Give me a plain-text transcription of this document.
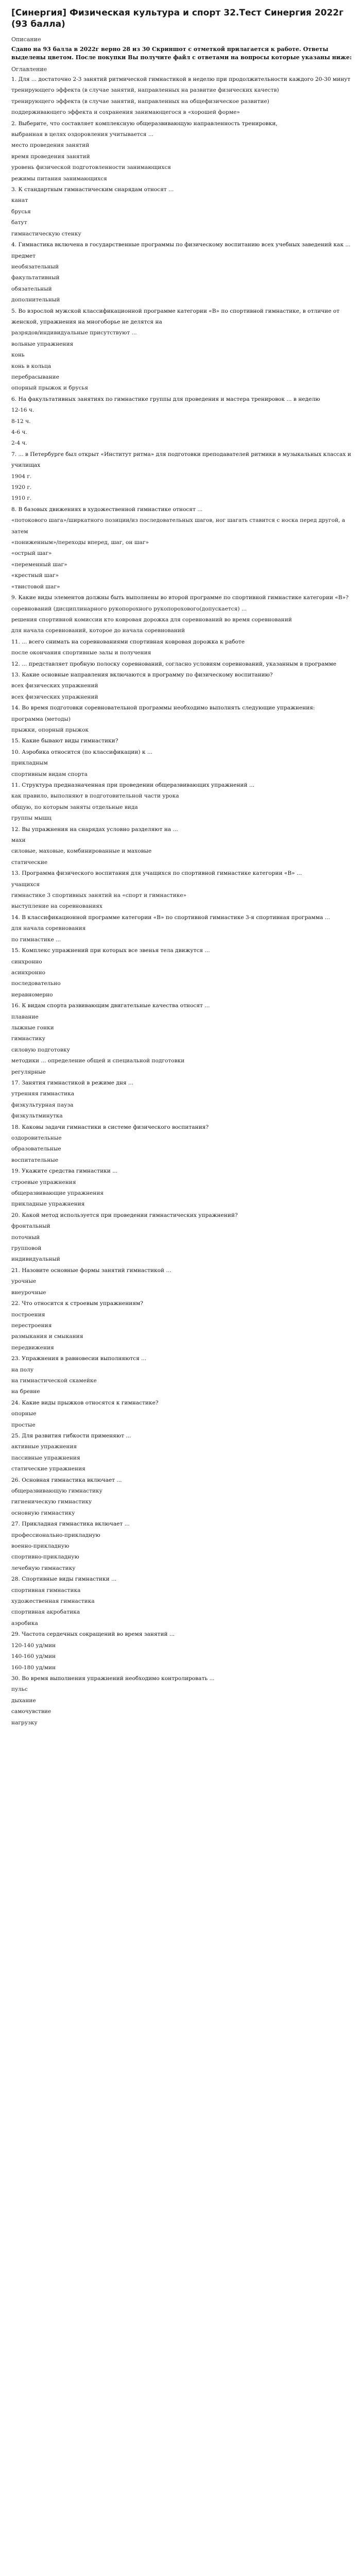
[Синергия] Физическая культура и спорт 32.Тест Синергия 2022г (93 балла)
Описание
Сдано на 93 балла в 2022г верно 28 из 30 Скриншот с отметкой прилагается к работе. Ответы выделены цветом. После покупки Вы получите файл с ответами на вопросы которые указаны ниже:
Оглавление
1. Для ... достаточно 2-3 занятий ритмической гимнастикой в неделю при продолжительности каждого 20-30 минут
тренирующего эффекта (в случае занятий, направленных на развитие физических качеств)
тренирующего эффекта (в случае занятий, направленных на общефизическое развитие)
поддерживающего эффекта и сохранения занимающегося в «хорошей форме»
2. Выберите, что составляет комплексную общеразвивающую направленность тренировки,
выбранная в целях оздоровления учитывается ...
место проведения занятий
время проведения занятий
уровень физической подготовленности занимающихся
режимы питания занимающихся
3. К стандартным гимнастическим снарядам относят ...
канат
брусья
батут
гимнастическую стенку
4. Гимнастика включена в государственные программы по физическому воспитанию всех учебных заведений как ... предмет
необязательный
факультативный
обязательный
дополнительный
5. Во взрослой мужской классификационной программе категории «В» по спортивной гимнастике, в отличие от женской, упражнения на многоборье не делятся на
разрядов/индивидуальные присутствуют ...
вольные упражнения
конь
конь в кольца
перебрасывание
опорный прыжок и брусья
6. На факультативных занятиях по гимнастике группы для проведения и мастера тренировок ... в неделю
12-16 ч.
8-12 ч.
4-6 ч.
2-4 ч.
7. ... в Петербурге был открыт «Институт ритма» для подготовки преподавателей ритмики в музыкальных классах и училищах
1904 г.
1920 г.
1910 г.
8. В базовых движениях в художественной гимнастике относят ...
«потокового шага»/ширкатного позиции/из последовательных шагов, ног шагать ставится с носка перед другой, а затем
«пониженным»/переходы вперед, шаг, он шаг»
«острый шаг»
«переменный шаг»
«крестный шаг»
«твистовой шаг»
9. Какие виды элементов должны быть выполнены во второй программе по спортивной гимнастике категории «В»?
соревнований (дисциплинарного рукопорохного рукопорохового(допускается) ...
решения спортивной комиссии кто ковровая дорожка для соревнований во время соревнований
для начала соревнований, которое до начала соревнований
11. ... всего снимать на соревнованиями спортивная ковровая дорожка к работе
после окончания спортивные залы и получения
12. ... представляет пробную полоску соревнований, согласно условиям соревнований, указанным в программе
13. Какие основные направления включаются в программу по физическому воспитанию?
всех физических упражнений
всех физических упражнений
14. Во время подготовки соревновательной программы необходимо выполнять следующие упражнения:
программа (методы)
прыжки, опорный прыжок
15. Какие бывают виды гимнастики?
10. Аэробика относится (по классификации) к ...
прикладным
спортивным видам спорта
11. Структура предназначенная при проведении общеразвивающих упражнений ...
как правило, выполняют в подготовительной части урока
общую, по которым заняты отдельные вида
группы мышц
12. Вы упражнения на снарядах условно разделяют на ...
махи
силовые, маховые, комбинированные и маховые
статические
13. Программа физического воспитания для учащихся по спортивной гимнастике категории «В» ...
учащихся
гимнастике 3 спортивных занятий на «спорт и гимнастике»
выступление на соревнованиях
14. В классификационной программе категории «В» по спортивной гимнастике 3-я спортивная программа ...
для начала соревнования
по гимнастике ...
15. Комплекс упражнений при которых все звенья тела движутся ...
синхронно
асинхронно
последовательно
неравномерно
16. К видам спорта развивающим двигательные качества относят ...
плавание
лыжные гонки
гимнастику
силовую подготовку
методики ... определение общей и специальной подготовки
регулярные
17. Занятия гимнастикой в режиме дня ...
утренняя гимнастика
физкультурная пауза
физкультминутка
18. Каковы задачи гимнастики в системе физического воспитания?
оздоровительные
образовательные
воспитательные
19. Укажите средства гимнастики ...
строевые упражнения
общеразвивающие упражнения
прикладные упражнения
20. Какой метод используется при проведении гимнастических упражнений?
фронтальный
поточный
групповой
индивидуальный
21. Назовите основные формы занятий гимнастикой ...
урочные
внеурочные
22. Что относится к строевым упражнениям?
построения
перестроения
размыкания и смыкания
передвижения
23. Упражнения в равновесии выполняются ...
на полу
на гимнастической скамейке
на бревне
24. Какие виды прыжков относятся к гимнастике?
опорные
простые
25. Для развития гибкости применяют ...
активные упражнения
пассивные упражнения
статические упражнения
26. Основная гимнастика включает ...
общеразвивающую гимнастику
гигиеническую гимнастику
основную гимнастику
27. Прикладная гимнастика включает ...
профессионально-прикладную
военно-прикладную
спортивно-прикладную
лечебную гимнастику
28. Спортивные виды гимнастики ...
спортивная гимнастика
художественная гимнастика
спортивная акробатика
аэробика
29. Частота сердечных сокращений во время занятий ...
120-140 уд/мин
140-160 уд/мин
160-180 уд/мин
30. Во время выполнения упражнений необходимо контролировать ...
пульс
дыхание
самочувствие
нагрузку
